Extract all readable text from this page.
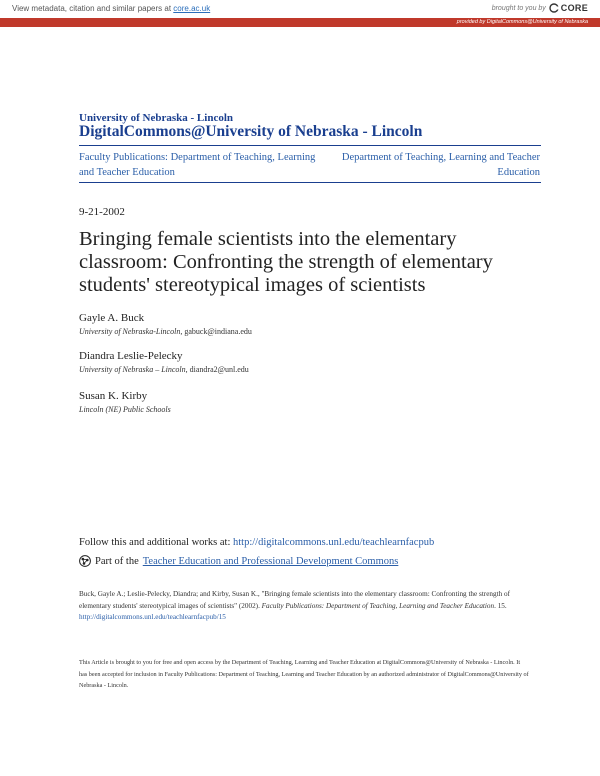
View metadata, citation and similar papers at core.ac.uk	brought to you by CORE
provided by DigitalCommons@University of Nebraska
University of Nebraska - Lincoln
DigitalCommons@University of Nebraska - Lincoln
Faculty Publications: Department of Teaching, Learning and Teacher Education
Department of Teaching, Learning and Teacher Education
9-21-2002
Bringing female scientists into the elementary classroom: Confronting the strength of elementary students' stereotypical images of scientists
Gayle A. Buck
University of Nebraska-Lincoln, gabuck@indiana.edu
Diandra Leslie-Pelecky
University of Nebraska – Lincoln, diandra2@unl.edu
Susan K. Kirby
Lincoln (NE) Public Schools
Follow this and additional works at: http://digitalcommons.unl.edu/teachlearnfacpub
Part of the Teacher Education and Professional Development Commons
Buck, Gayle A.; Leslie-Pelecky, Diandra; and Kirby, Susan K., "Bringing female scientists into the elementary classroom: Confronting the strength of elementary students' stereotypical images of scientists" (2002). Faculty Publications: Department of Teaching, Learning and Teacher Education. 15.
http://digitalcommons.unl.edu/teachlearnfacpub/15
This Article is brought to you for free and open access by the Department of Teaching, Learning and Teacher Education at DigitalCommons@University of Nebraska - Lincoln. It has been accepted for inclusion in Faculty Publications: Department of Teaching, Learning and Teacher Education by an authorized administrator of DigitalCommons@University of Nebraska - Lincoln.
